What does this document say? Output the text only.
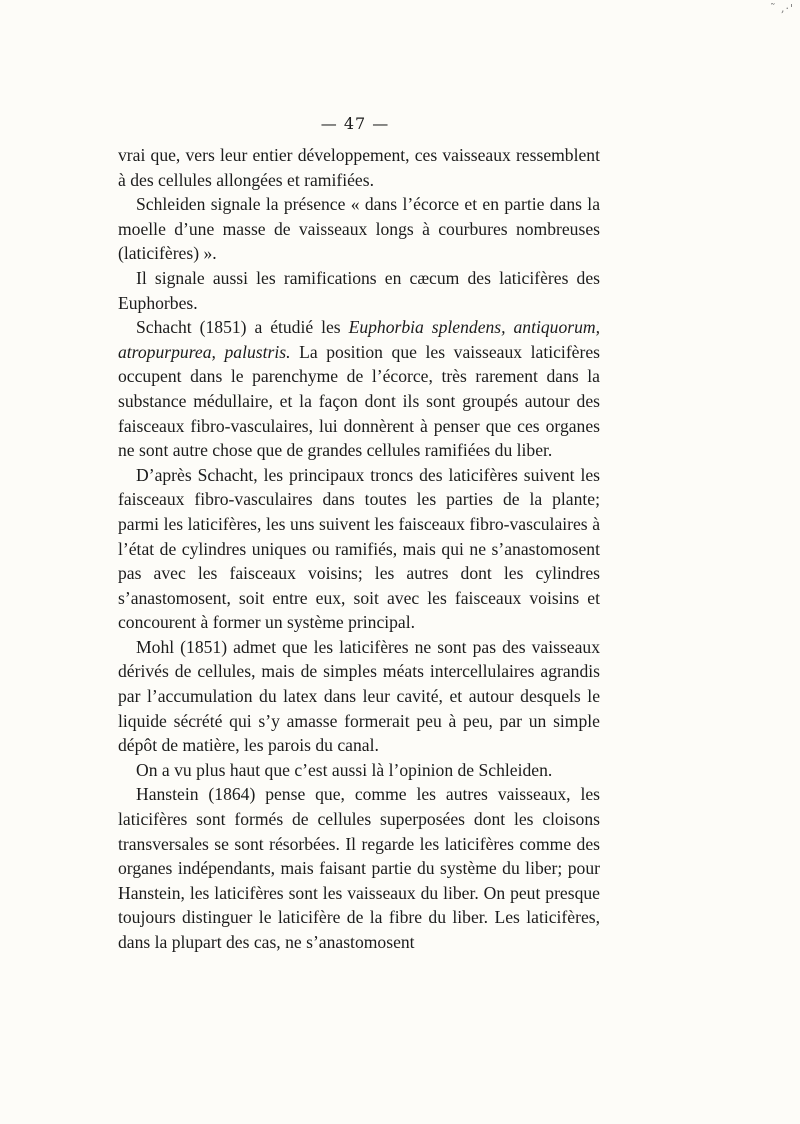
˜ ,·'
— 47 —

vrai que, vers leur entier développement, ces vaisseaux ressemblent à des cellules allongées et ramifiées.

Schleiden signale la présence « dans l’écorce et en partie dans la moelle d’une masse de vaisseaux longs à courbures nombreuses (laticifères) ».

Il signale aussi les ramifications en cæcum des laticifères des Euphorbes.

Schacht (1851) a étudié les Euphorbia splendens, antiquorum, atropurpurea, palustris. La position que les vaisseaux laticifères occupent dans le parenchyme de l’écorce, très rarement dans la substance médullaire, et la façon dont ils sont groupés autour des faisceaux fibro-vasculaires, lui donnèrent à penser que ces organes ne sont autre chose que de grandes cellules ramifiées du liber.

D’après Schacht, les principaux troncs des laticifères suivent les faisceaux fibro-vasculaires dans toutes les parties de la plante; parmi les laticifères, les uns suivent les faisceaux fibro-vasculaires à l’état de cylindres uniques ou ramifiés, mais qui ne s’anastomosent pas avec les faisceaux voisins; les autres dont les cylindres s’anastomosent, soit entre eux, soit avec les faisceaux voisins et concourent à former un système principal.

Mohl (1851) admet que les laticifères ne sont pas des vaisseaux dérivés de cellules, mais de simples méats intercellulaires agrandis par l’accumulation du latex dans leur cavité, et autour desquels le liquide sécrété qui s’y amasse formerait peu à peu, par un simple dépôt de matière, les parois du canal.

On a vu plus haut que c’est aussi là l’opinion de Schleiden.

Hanstein (1864) pense que, comme les autres vaisseaux, les laticifères sont formés de cellules superposées dont les cloisons transversales se sont résorbées. Il regarde les laticifères comme des organes indépendants, mais faisant partie du système du liber; pour Hanstein, les laticifères sont les vaisseaux du liber. On peut presque toujours distinguer le laticifère de la fibre du liber. Les laticifères, dans la plupart des cas, ne s’anastomosent
